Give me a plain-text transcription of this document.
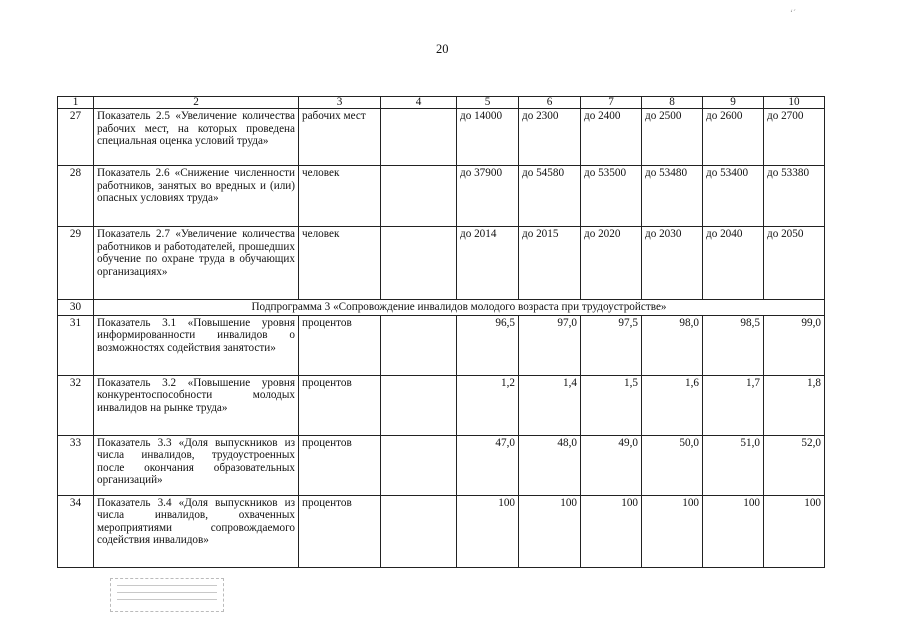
ʻ´
20
1	2	3	4	5	6	7	8	9	10
27	Показатель 2.5 «Увеличение количества рабочих мест, на которых проведена специальная оценка условий труда»	рабочих мест		до 14000	до 2300	до 2400	до 2500	до 2600	до 2700
28	Показатель 2.6 «Снижение численности работников, занятых во вредных и (или) опасных условиях труда»	человек		до 37900	до 54580	до 53500	до 53480	до 53400	до 53380
29	Показатель 2.7 «Увеличение количества работников и работодателей, прошедших обучение по охране труда в обучающих организациях»	человек		до 2014	до 2015	до 2020	до 2030	до 2040	до 2050
30	Подпрограмма 3 «Сопровождение инвалидов молодого возраста при трудоустройстве»								
31	Показатель 3.1 «Повышение уровня информированности инвалидов о возможностях содействия занятости»	процентов		96,5	97,0	97,5	98,0	98,5	99,0
32	Показатель 3.2 «Повышение уровня конкурентоспособности молодых инвалидов на рынке труда»	процентов		1,2	1,4	1,5	1,6	1,7	1,8
33	Показатель 3.3 «Доля выпускников из числа инвалидов, трудоустроенных после окончания образовательных организаций»	процентов		47,0	48,0	49,0	50,0	51,0	52,0
34	Показатель 3.4 «Доля выпускников из числа инвалидов, охваченных мероприятиями сопровождаемого содействия инвалидов»	процентов		100	100	100	100	100	100
